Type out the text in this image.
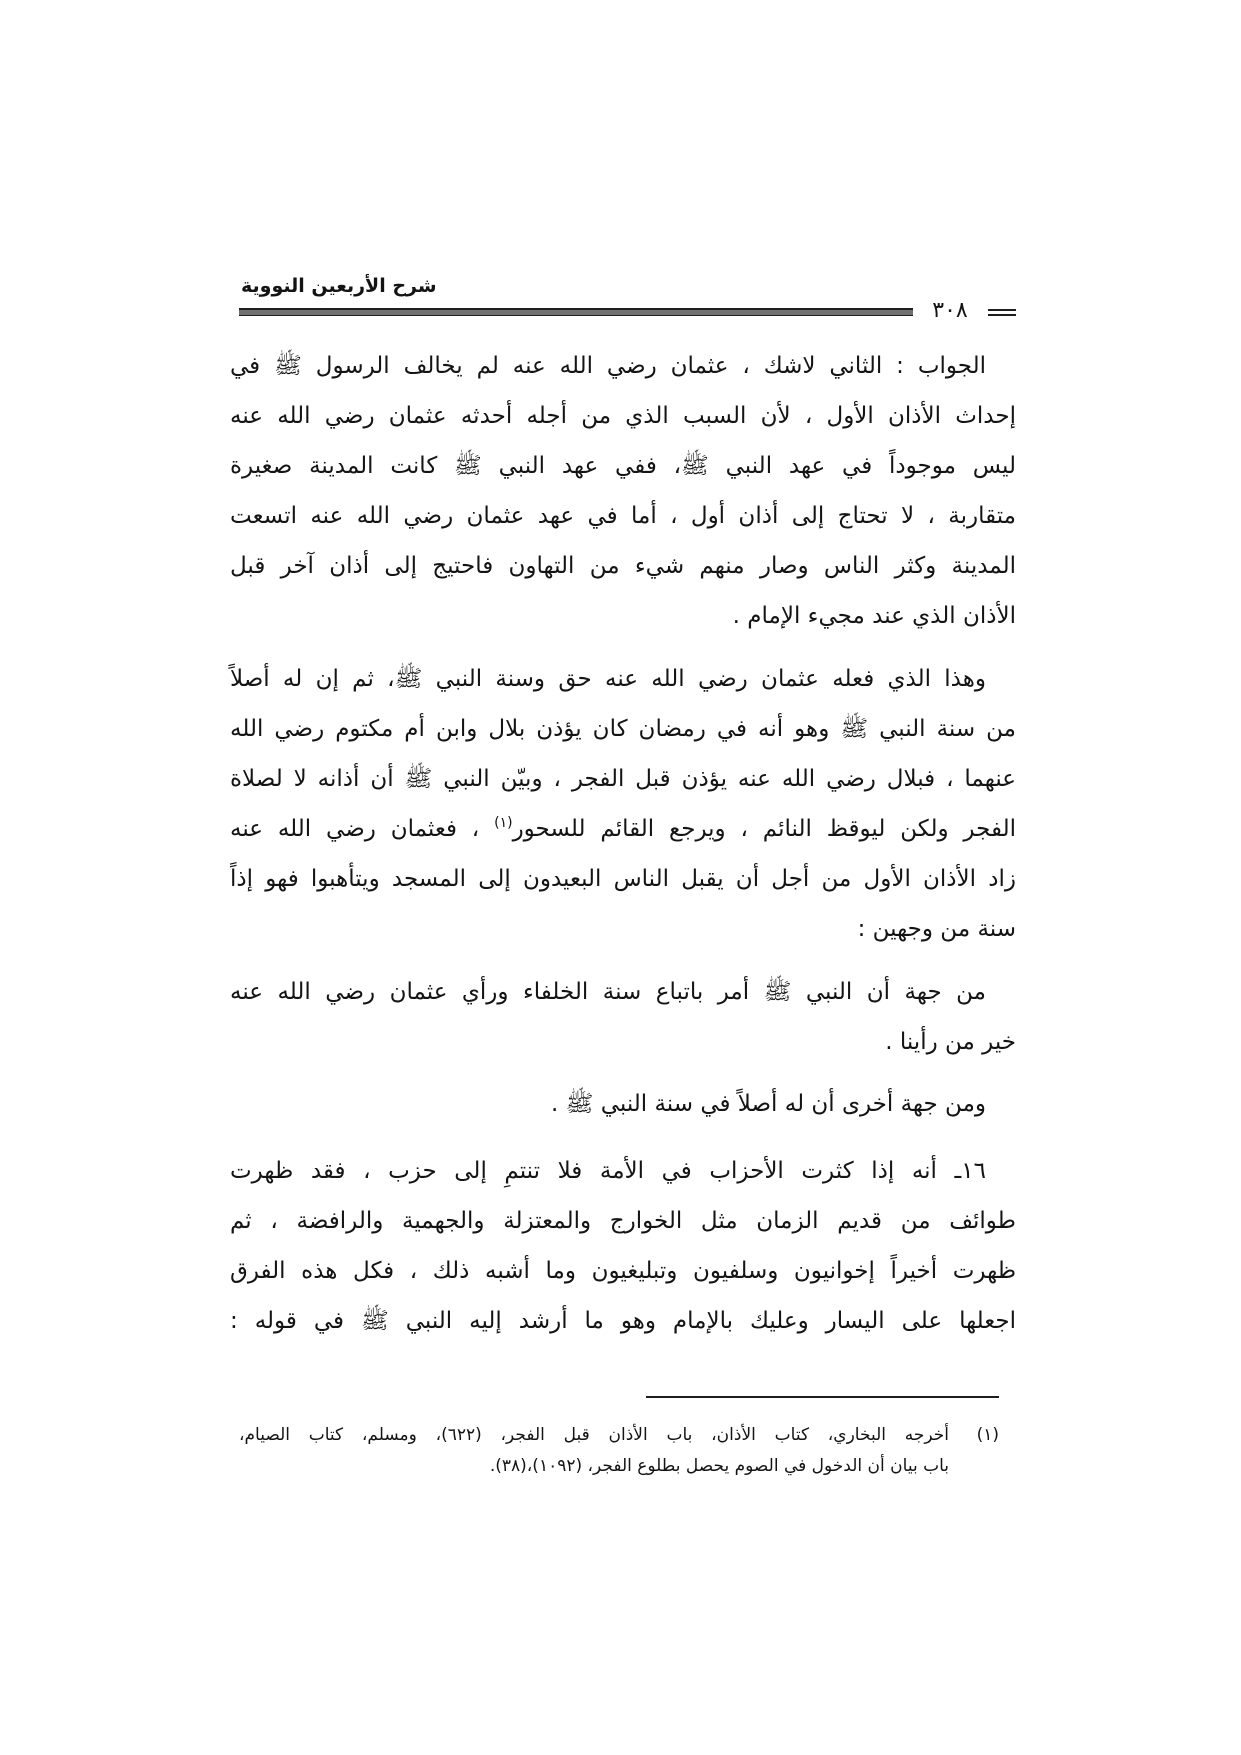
شرح الأربعين النووية
٣٠٨
الجواب : الثاني لاشك ، عثمان رضي الله عنه لم يخالف الرسول ﷺ في
إحداث الأذان الأول ، لأن السبب الذي من أجله أحدثه عثمان رضي الله عنه
ليس موجوداً في عهد النبي ﷺ، ففي عهد النبي ﷺ كانت المدينة صغيرة
متقاربة ، لا تحتاج إلى أذان أول ، أما في عهد عثمان رضي الله عنه اتسعت
المدينة وكثر الناس وصار منهم شيء من التهاون فاحتيج إلى أذان آخر قبل
الأذان الذي عند مجيء الإمام .
وهذا الذي فعله عثمان رضي الله عنه حق وسنة النبي ﷺ، ثم إن له أصلاً
من سنة النبي ﷺ وهو أنه في رمضان كان يؤذن بلال وابن أم مكتوم رضي الله
عنهما ، فبلال رضي الله عنه يؤذن قبل الفجر ، وبيّن النبي ﷺ أن أذانه لا لصلاة
الفجر ولكن ليوقظ النائم ، ويرجع القائم للسحور$^{(١)}$ ، فعثمان رضي الله عنه
زاد الأذان الأول من أجل أن يقبل الناس البعيدون إلى المسجد ويتأهبوا فهو إذاً
سنة من وجهين :
من جهة أن النبي ﷺ أمر باتباع سنة الخلفاء ورأي عثمان رضي الله عنه
خير من رأينا .
ومن جهة أخرى أن له أصلاً في سنة النبي ﷺ .
١٦ـ أنه إذا كثرت الأحزاب في الأمة فلا تنتمِ إلى حزب ، فقد ظهرت
طوائف من قديم الزمان مثل الخوارج والمعتزلة والجهمية والرافضة ، ثم
ظهرت أخيراً إخوانيون وسلفيون وتبليغيون وما أشبه ذلك ، فكل هذه الفرق
اجعلها على اليسار وعليك بالإمام وهو ما أرشد إليه النبي ﷺ في قوله :
(١)
أخرجه البخاري، كتاب الأذان، باب الأذان قبل الفجر، (٦٢٢)، ومسلم، كتاب الصيام،
باب بيان أن الدخول في الصوم يحصل بطلوع الفجر، (١٠٩٢)،(٣٨).
